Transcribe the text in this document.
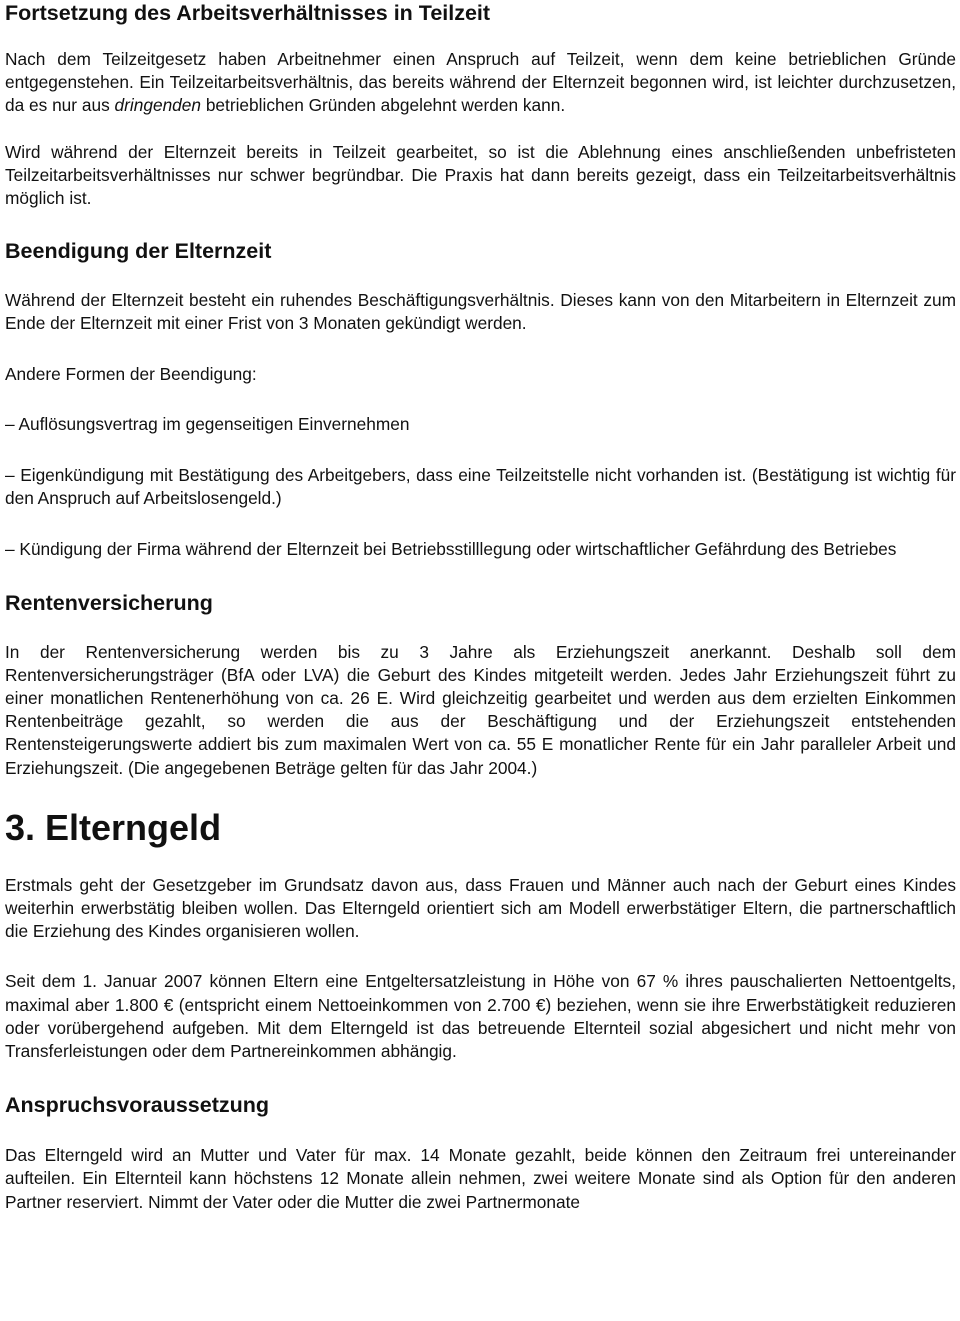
Fortsetzung des Arbeitsverhältnisses in Teilzeit

Nach dem Teilzeitgesetz haben Arbeitnehmer einen Anspruch auf Teilzeit, wenn dem keine betrieblichen Gründe entgegenstehen. Ein Teilzeitarbeitsverhältnis, das bereits während der Elternzeit begonnen wird, ist leichter durchzusetzen, da es nur aus dringenden betrieblichen Gründen abgelehnt werden kann.

Wird während der Elternzeit bereits in Teilzeit gearbeitet, so ist die Ablehnung eines anschließenden unbefristeten Teilzeitarbeitsverhältnisses nur schwer begründbar. Die Praxis hat dann bereits gezeigt, dass ein Teilzeitarbeitsverhältnis möglich ist.

Beendigung der Elternzeit

Während der Elternzeit besteht ein ruhendes Beschäftigungsverhältnis. Dieses kann von den Mitarbeitern in Elternzeit zum Ende der Elternzeit mit einer Frist von 3 Monaten gekündigt werden.

Andere Formen der Beendigung:

– Auflösungsvertrag im gegenseitigen Einvernehmen

– Eigenkündigung mit Bestätigung des Arbeitgebers, dass eine Teilzeitstelle nicht vorhanden ist. (Bestätigung ist wichtig für den Anspruch auf Arbeitslosengeld.)

– Kündigung der Firma während der Elternzeit bei Betriebsstilllegung oder wirtschaftlicher Gefährdung des Betriebes

Rentenversicherung

In der Rentenversicherung werden bis zu 3 Jahre als Erziehungszeit anerkannt. Deshalb soll dem Rentenversicherungsträger (BfA oder LVA) die Geburt des Kindes mitgeteilt werden. Jedes Jahr Erziehungszeit führt zu einer monatlichen Rentenerhöhung von ca. 26 E. Wird gleichzeitig gearbeitet und werden aus dem erzielten Einkommen Rentenbeiträge gezahlt, so werden die aus der Beschäftigung und der Erziehungszeit entstehenden Rentensteigerungswerte addiert bis zum maximalen Wert von ca. 55 E monatlicher Rente für ein Jahr paralleler Arbeit und Erziehungszeit. (Die angegebenen Beträge gelten für das Jahr 2004.)

3. Elterngeld

Erstmals geht der Gesetzgeber im Grundsatz davon aus, dass Frauen und Männer auch nach der Geburt eines Kindes weiterhin erwerbstätig bleiben wollen. Das Elterngeld orientiert sich am Modell erwerbstätiger Eltern, die partnerschaftlich die Erziehung des Kindes organisieren wollen.

Seit dem 1. Januar 2007 können Eltern eine Entgeltersatzleistung in Höhe von 67 % ihres pauschalierten Nettoentgelts, maximal aber 1.800 € (entspricht einem Nettoeinkommen von 2.700 €) beziehen, wenn sie ihre Erwerbstätigkeit reduzieren oder vorübergehend aufgeben. Mit dem Elterngeld ist das betreuende Elternteil sozial abgesichert und nicht mehr von Transferleistungen oder dem Partnereinkommen abhängig.

Anspruchsvoraussetzung

Das Elterngeld wird an Mutter und Vater für max. 14 Monate gezahlt, beide können den Zeitraum frei untereinander aufteilen. Ein Elternteil kann höchstens 12 Monate allein nehmen, zwei weitere Monate sind als Option für den anderen Partner reserviert. Nimmt der Vater oder die Mutter die zwei Partnermonate
